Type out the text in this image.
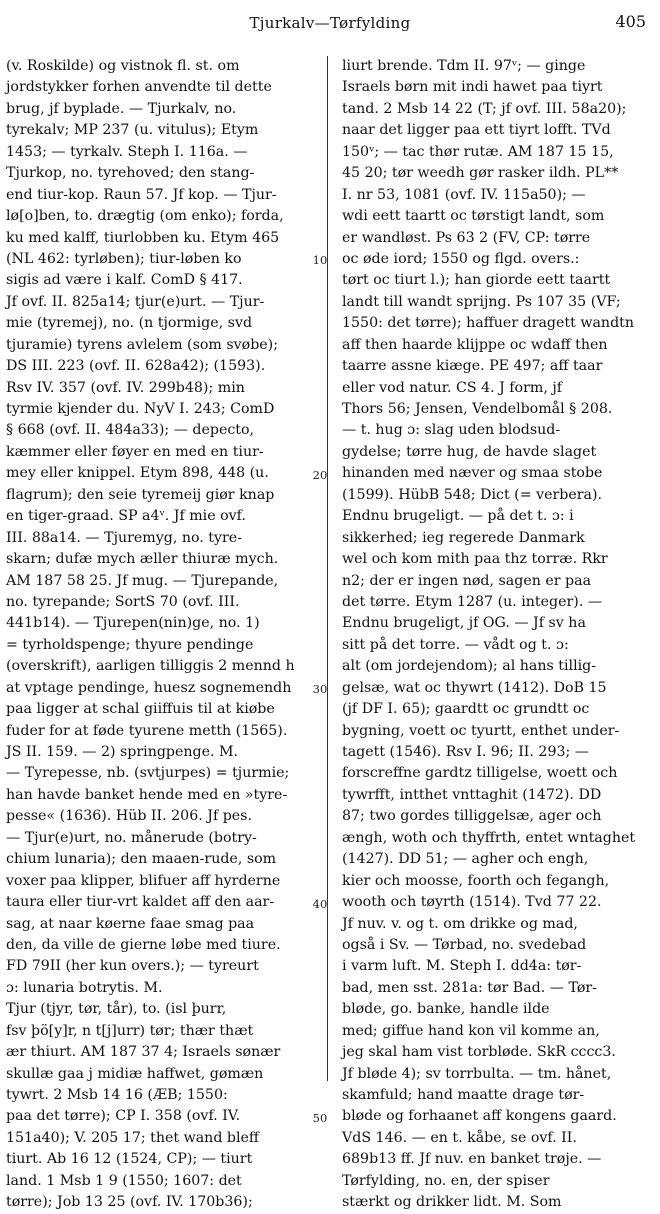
Tjurkalv—Tørfylding	405
(v. Roskilde) og vistnok fl. st. om
jordstykker forhen anvendte til dette
brug, jf byplade. — Tjurkalv, no.
tyrekalv; MP 237 (u. vitulus); Etym
1453; — tyrkalv. Steph I. 116a. —
Tjurkop, no. tyrehoved; den stang-
end tiur-kop. Raun 57. Jf kop. — Tjur-
lø[o]ben, to. drægtig (om enko); forda,
ku med kalff, tiurlobben ku. Etym 465
(NL 462: tyrløben); tiur-løben ko
sigis ad være i kalf. ComD § 417.
Jf ovf. II. 825a14; tjur(e)urt. — Tjur-
mie (tyremej), no. (n tjormige, svd
tjuramie) tyrens avlelem (som svøbe);
DS III. 223 (ovf. II. 628a42); (1593).
Rsv IV. 357 (ovf. IV. 299b48); min
tyrmie kjender du. NyV I. 243; ComD
§ 668 (ovf. II. 484a33); — depecto,
kæmmer eller føyer en med en tiur-
mey eller knippel. Etym 898, 448 (u.
flagrum); den seie tyremeij giør knap
en tiger-graad. SP a4ᵛ. Jf mie ovf.
III. 88a14. — Tjuremyg, no. tyre-
skarn; dufæ mych æller thiuræ mych.
AM 187 58 25. Jf mug. — Tjurepande,
no. tyrepande; SortS 70 (ovf. III.
441b14). — Tjurepen(nin)ge, no. 1)
= tyrholdspenge; thyure pendinge
(overskrift), aarligen tilliggis 2 mennd h
at vptage pendinge, huesz sognemendh
paa ligger at schal giiffuis til at kiøbe
fuder for at føde tyurene metth (1565).
JS II. 159. — 2) springpenge. M.
— Tyrepesse, nb. (svtjurpes) = tjurmie;
han havde banket hende med en »tyre-
pesse« (1636). Hüb II. 206. Jf pes.
— Tjur(e)urt, no. månerude (botry-
chium lunaria); den maaen-rude, som
voxer paa klipper, blifuer aff hyrderne
taura eller tiur-vrt kaldet aff den aar-
sag, at naar køerne faae smag paa
den, da ville de gierne løbe med tiure.
FD 79II (her kun overs.); — tyreurt
ɔ: lunaria botrytis. M.
Tjur (tjyr, tør, tår), to. (isl þurr,
fsv þö[y]r, n t[j]urr) tør; thær thæt
ær thiurt. AM 187 37 4; Israels sønær
skullæ gaa j midiæ haffwet, gømæn
tywrt. 2 Msb 14 16 (ÆB; 1550:
paa det tørre); CP I. 358 (ovf. IV.
151a40); V. 205 17; thet wand bleff
tiurt. Ab 16 12 (1524, CP); — tiurt
land. 1 Msb 1 9 (1550; 1607: det
tørre); Job 13 25 (ovf. IV. 170b36);
10
20
30
40
50
liurt brende. Tdm II. 97ᵛ; — ginge
Israels børn mit indi hawet paa tiyrt
tand. 2 Msb 14 22 (T; jf ovf. III. 58a20);
naar det ligger paa ett tiyrt lofft. TVd
150ᵛ; — tac thør rutæ. AM 187 15 15,
45 20; tør weedh gør rasker ildh. PL**
I. nr 53, 1081 (ovf. IV. 115a50); —
wdi eett taartt oc tørstigt landt, som
er wandløst. Ps 63 2 (FV, CP: tørre
oc øde iord; 1550 og flgd. overs.:
tørt oc tiurt l.); han giorde eett taartt
landt till wandt sprijng. Ps 107 35 (VF;
1550: det tørre); haffuer dragett wandtn
aff then haarde klijppe oc wdaff then
taarre assne kiæge. PE 497; aff taar
eller vod natur. CS 4. J form, jf
Thors 56; Jensen, Vendelbomål § 208.
— t. hug ɔ: slag uden blodsud-
gydelse; tørre hug, de havde slaget
hinanden med næver og smaa stobe
(1599). HübB 548; Dict (= verbera).
Endnu brugeligt. — på det t. ɔ: i
sikkerhed; ieg regerede Danmark
wel och kom mith paa thz torræ. Rkr
n2; der er ingen nød, sagen er paa
det tørre. Etym 1287 (u. integer). —
Endnu brugeligt, jf OG. — Jf sv ha
sitt på det torre. — vådt og t. ɔ:
alt (om jordejendom); al hans tillig-
gelsæ, wat oc thywrt (1412). DoB 15
(jf DF I. 65); gaardtt oc grundtt oc
bygning, voett oc tyurtt, enthet under-
tagett (1546). Rsv I. 96; II. 293; —
forscreffne gardtz tilligelse, woett och
tywrfft, intthet vnttaghit (1472). DD
87; two gordes tilliggelsæ, ager och
ængh, woth och thyffrth, entet wntaghet
(1427). DD 51; — agher och engh,
kier och moosse, foorth och fegangh,
wooth och tøyrth (1514). Tvd 77 22.
Jf nuv. v. og t. om drikke og mad,
også i Sv. — Tørbad, no. svedebad
i varm luft. M. Steph I. dd4a: tør-
bad, men sst. 281a: tør Bad. — Tør-
bløde, go. banke, handle ilde
med; giffue hand kon vil komme an,
jeg skal ham vist torbløde. SkR cccc3.
Jf bløde 4); sv torrbulta. — tm. hånet,
skamfuld; hand maatte drage tør-
bløde og forhaanet aff kongens gaard.
VdS 146. — en t. kåbe, se ovf. II.
689b13 ff. Jf nuv. en banket trøje. —
Tørfylding, no. en, der spiser
stærkt og drikker lidt. M. Som
